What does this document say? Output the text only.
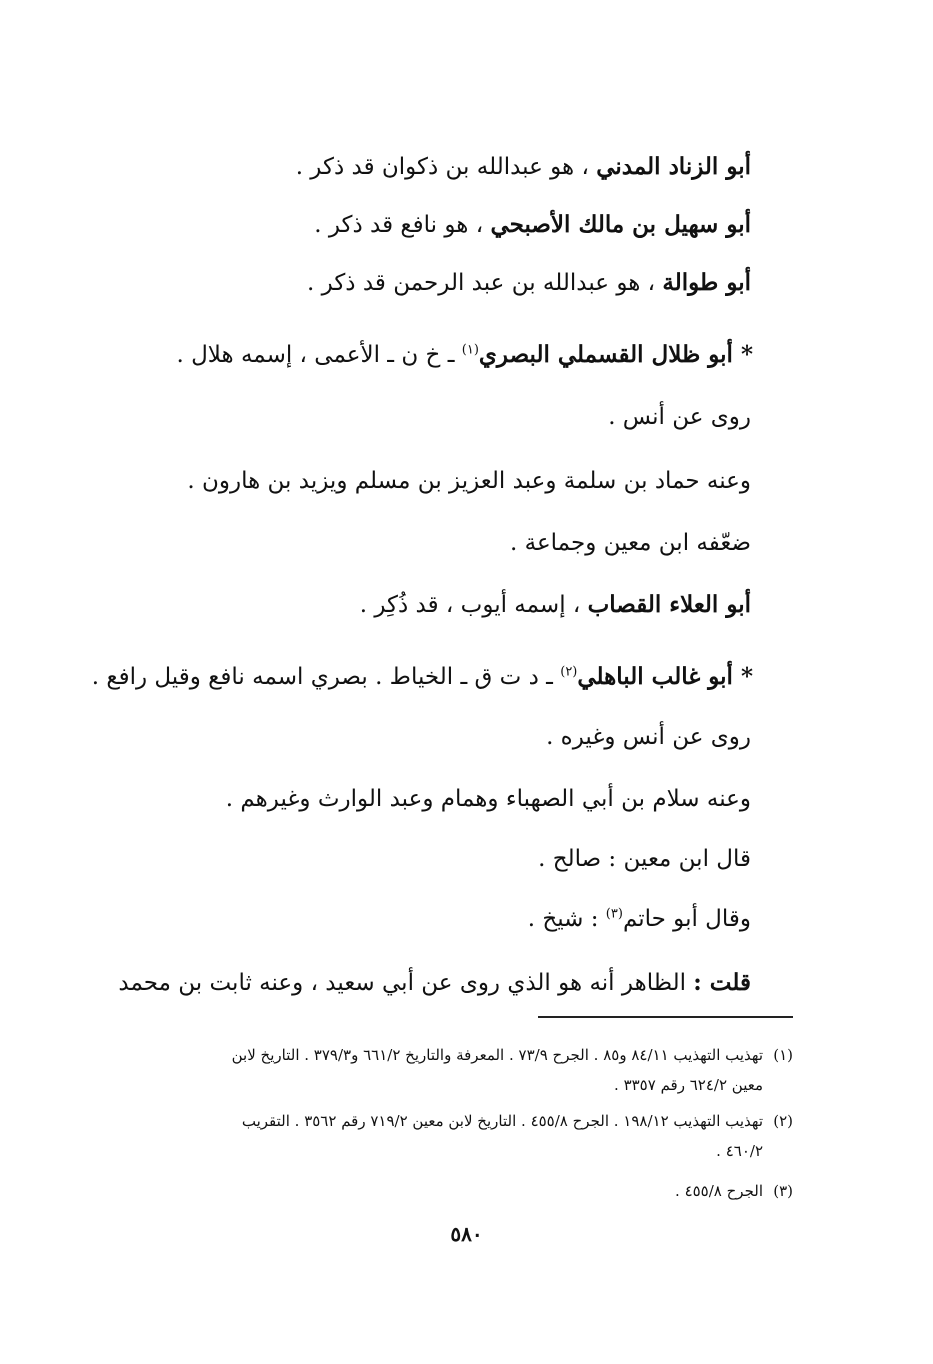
أبو الزناد المدني ، هو عبدالله بن ذكوان قد ذكر .
أبو سهيل بن مالك الأصبحي ، هو نافع قد ذكر .
أبو طوالة ، هو عبدالله بن عبد الرحمن قد ذكر .
* أبو ظلال القسملي البصري$^{(١)}$ ـ خ ن ـ الأعمى ، إسمه هلال .
روى عن أنس .
وعنه حماد بن سلمة وعبد العزيز بن مسلم ويزيد بن هارون .
ضعّفه ابن معين وجماعة .
أبو العلاء القصاب ، إسمه أيوب ، قد ذُكِر .
* أبو غالب الباهلي$^{(٢)}$ ـ د ت ق ـ الخياط . بصري اسمه نافع وقيل رافع .
روى عن أنس وغيره .
وعنه سلام بن أبي الصهباء وهمام وعبد الوارث وغيرهم .
قال ابن معين : صالح .
وقال أبو حاتم$^{(٣)}$ : شيخ .
قلت : الظاهر أنه هو الذي روى عن أبي سعيد ، وعنه ثابت بن محمد
(١)تهذيب التهذيب ٨٤/١١ و٨٥ . الجرح ٧٣/٩ . المعرفة والتاريخ ٦٦١/٢ و٣٧٩/٣ . التاريخ لابن
معين ٦٢٤/٢ رقم ٣٣٥٧ .
(٢)تهذيب التهذيب ١٩٨/١٢ . الجرح ٤٥٥/٨ . التاريخ لابن معين ٧١٩/٢ رقم ٣٥٦٢ . التقريب
٤٦٠/٢ .
(٣)الجرح ٤٥٥/٨ .
٥٨٠
